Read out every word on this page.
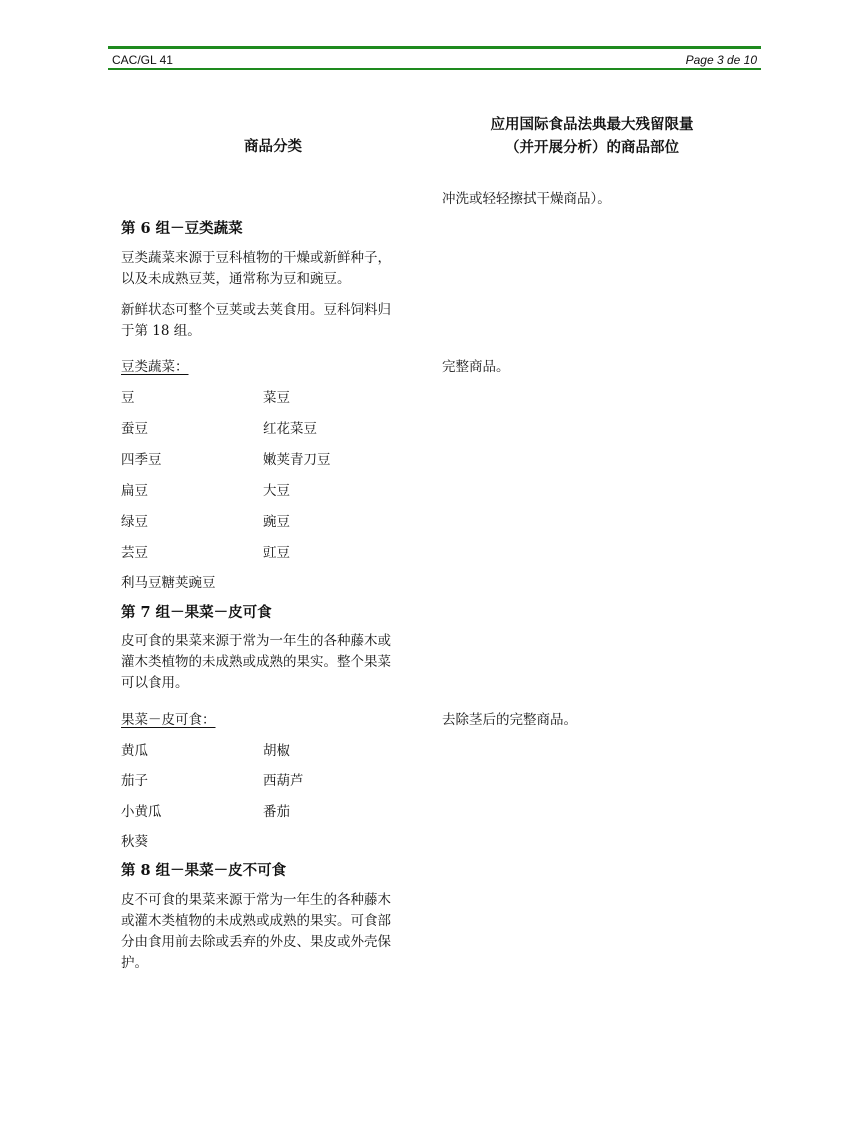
CAC/GL 41	Page 3 de 10
商品分类
应用国际食品法典最大残留限量
（并开展分析）的商品部位
冲洗或轻轻擦拭干燥商品）。
第 6 组－豆类蔬菜
豆类蔬菜来源于豆科植物的干燥或新鲜种子，
以及未成熟豆荚，通常称为豆和豌豆。
新鲜状态可整个豆荚或去荚食用。豆科饲料归
于第 18 组。
豆类蔬菜：	完整商品。
豆	菜豆
蚕豆	红花菜豆
四季豆	嫩荚青刀豆
扁豆	大豆
绿豆	豌豆
芸豆	豇豆
利马豆糖荚豌豆
第 7 组－果菜－皮可食
皮可食的果菜来源于常为一年生的各种藤木或
灌木类植物的未成熟或成熟的果实。整个果菜
可以食用。
果菜－皮可食：	去除茎后的完整商品。
黄瓜	胡椒
茄子	西葫芦
小黄瓜	番茄
秋葵
第 8 组－果菜－皮不可食
皮不可食的果菜来源于常为一年生的各种藤木
或灌木类植物的未成熟或成熟的果实。可食部
分由食用前去除或丢弃的外皮、果皮或外壳保
护。
